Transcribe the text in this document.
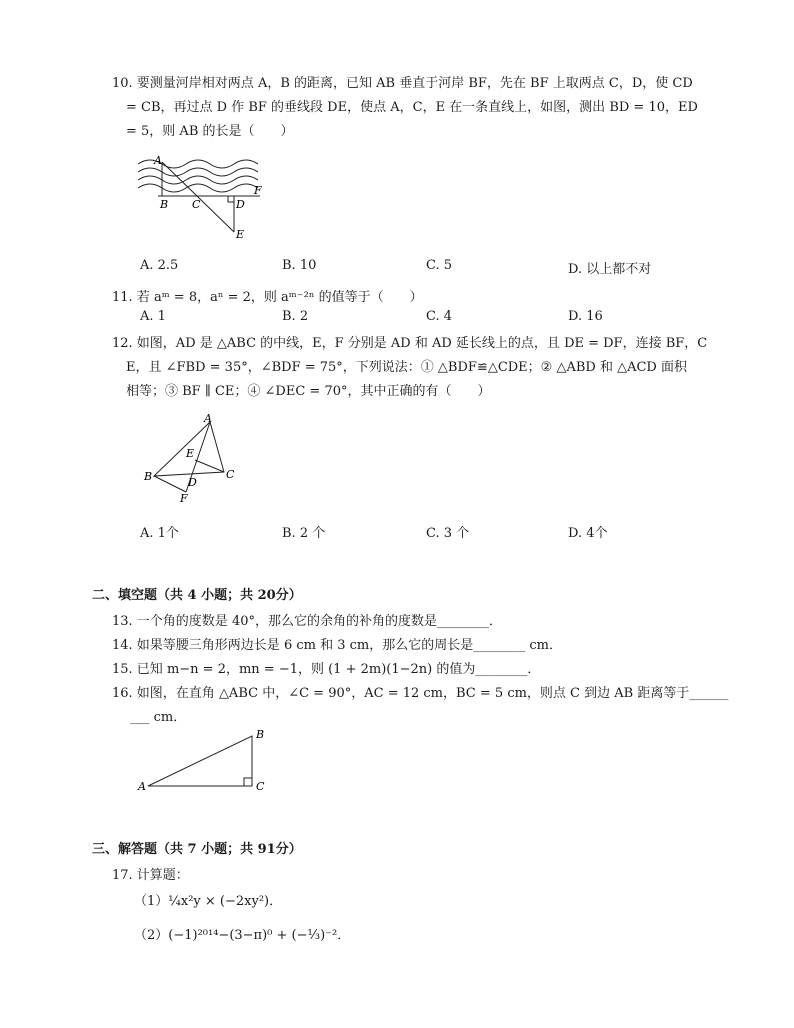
10. 要测量河岸相对两点 A，B 的距离，已知 AB 垂直于河岸 BF，先在 BF 上取两点 C，D，使 CD
= CB，再过点 D 作 BF 的垂线段 DE，使点 A，C，E 在一条直线上，如图，测出 BD = 10，ED
= 5，则 AB 的长是（　　）
A
B C	D
E
F
A. 2.5	B. 10	C. 5	D. 以上都不对
11. 若 aᵐ = 8，aⁿ = 2，则 aᵐ⁻²ⁿ 的值等于（　　）
A. 1	B. 2	C. 4	D. 16
12. 如图，AD 是 △ABC 的中线，E，F 分别是 AD 和 AD 延长线上的点，且 DE = DF，连接 BF，C
E，且 ∠FBD = 35°，∠BDF = 75°，下列说法：① △BDF≌△CDE；② △ABD 和 △ACD 面积
相等；③ BF ∥ CE；④ ∠DEC = 70°，其中正确的有（　　）
A
B	C
D
E
F
A. 1个	B. 2 个	C. 3 个	D. 4个
二、填空题（共 4 小题；共 20分）
13. 一个角的度数是 40°，那么它的余角的补角的度数是________．
14. 如果等腰三角形两边长是 6 cm 和 3 cm，那么它的周长是________ cm．
15. 已知 m−n = 2，mn = −1，则 (1 + 2m)(1−2n) 的值为________．
16. 如图，在直角 △ABC 中，∠C = 90°，AC = 12 cm，BC = 5 cm，则点 C 到边 AB 距离等于______
___ cm．
A
B
C
三、解答题（共 7 小题；共 91分）
17. 计算题：
（1）¼x²y × (−2xy²)．
（2）(−1)²⁰¹⁴−(3−π)⁰ + (−⅓)⁻²．
